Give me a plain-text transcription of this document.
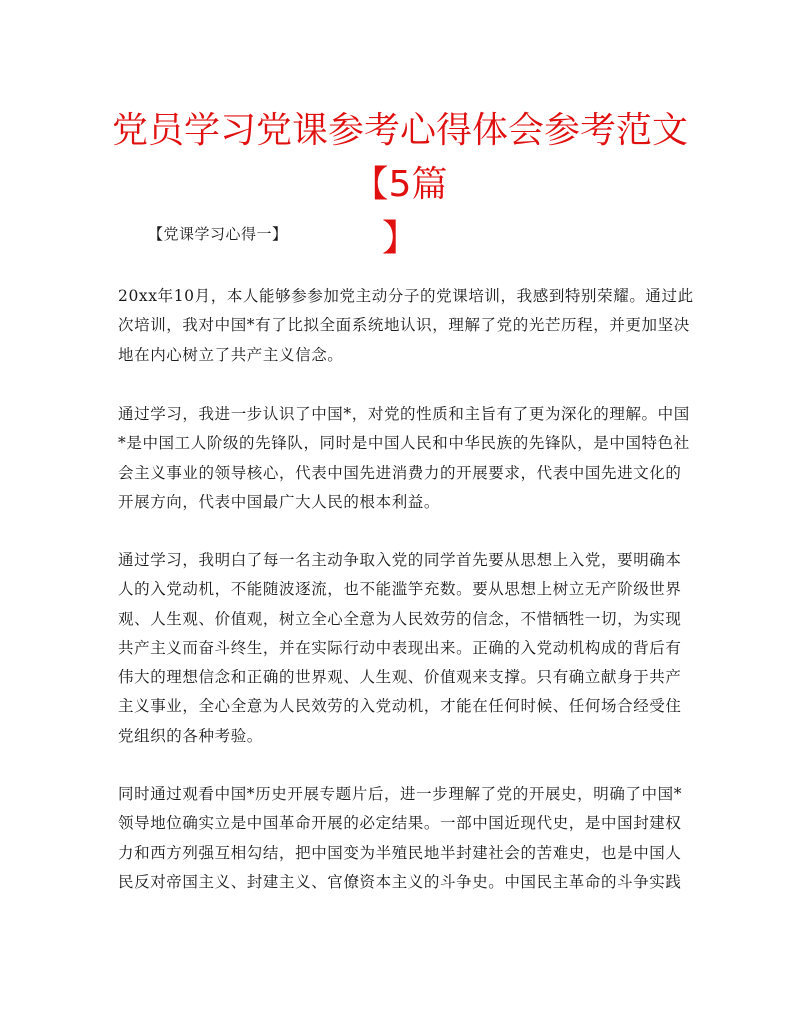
党员学习党课参考心得体会参考范文【5篇
】
【党课学习心得一】
20xx年10月，本人能够参参加党主动分子的党课培训，我感到特别荣耀。通过此
次培训，我对中国*有了比拟全面系统地认识，理解了党的光芒历程，并更加坚决
地在内心树立了共产主义信念。
通过学习，我进一步认识了中国*，对党的性质和主旨有了更为深化的理解。中国
*是中国工人阶级的先锋队，同时是中国人民和中华民族的先锋队，是中国特色社
会主义事业的领导核心，代表中国先进消费力的开展要求，代表中国先进文化的
开展方向，代表中国最广大人民的根本利益。
通过学习，我明白了每一名主动争取入党的同学首先要从思想上入党，要明确本
人的入党动机，不能随波逐流，也不能滥竽充数。要从思想上树立无产阶级世界
观、人生观、价值观，树立全心全意为人民效劳的信念，不惜牺牲一切，为实现
共产主义而奋斗终生，并在实际行动中表现出来。正确的入党动机构成的背后有
伟大的理想信念和正确的世界观、人生观、价值观来支撑。只有确立献身于共产
主义事业，全心全意为人民效劳的入党动机，才能在任何时候、任何场合经受住
党组织的各种考验。
同时通过观看中国*历史开展专题片后，进一步理解了党的开展史，明确了中国*
领导地位确实立是中国革命开展的必定结果。一部中国近现代史，是中国封建权
力和西方列强互相勾结，把中国变为半殖民地半封建社会的苦难史，也是中国人
民反对帝国主义、封建主义、官僚资本主义的斗争史。中国民主革命的斗争实践
